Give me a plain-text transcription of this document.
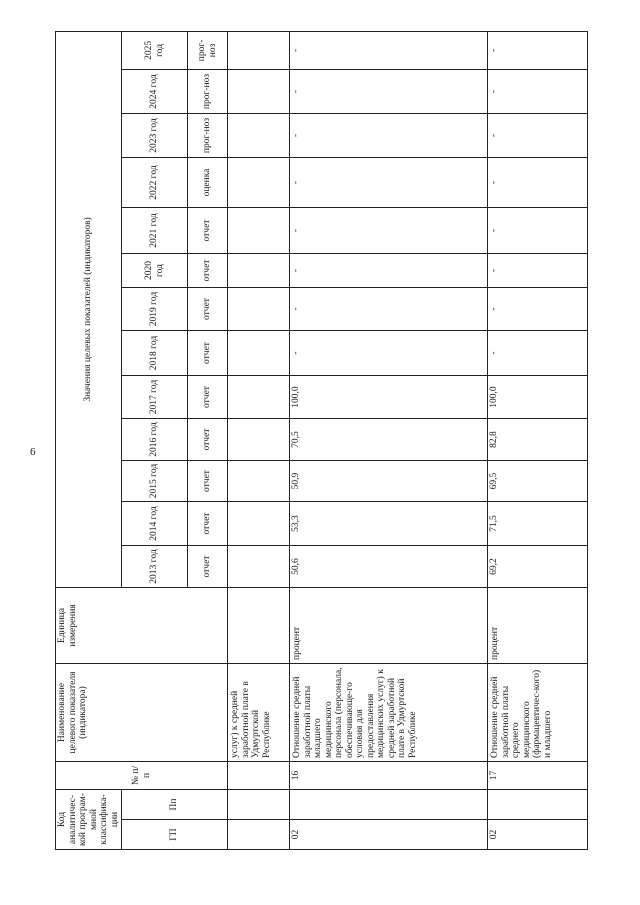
6
Код аналитичес-кой програм-мной классифика-ции		№ п/п	Наименование целевого показателя (индикатора)	Единица измерения	Значения целевых показателей (индикаторов)												
ГП	Пп				2013 год	2014 год	2015 год	2016 год	2017 год	2018 год	2019 год	2020 год	2021 год	2022 год	2023 год	2024 год	2025 год
					отчет	отчет	отчет	отчет	отчет	отчет	отчет	отчет	отчет	оценка	прог-ноз	прог-ноз	прог-ноз
			услуг) к средней заработной плате в Удмуртской Республике														
02		16	Отношение средней заработной платы младшего медицинского персонала (персонала, обеспечивающе-го условия для предоставления медицинских услуг) к средней заработной плате в Удмуртской Республике	процент	50,6	53,3	50,9	70,5	100,0	-	-	-	-	-	-	-	-
02		17	Отношение средней заработной платы среднего медицинского (фармацевтичес-кого) и младшего	процент	69,2	71,5	69,5	82,8	100,0	-	-	-	-	-	-	-	-
